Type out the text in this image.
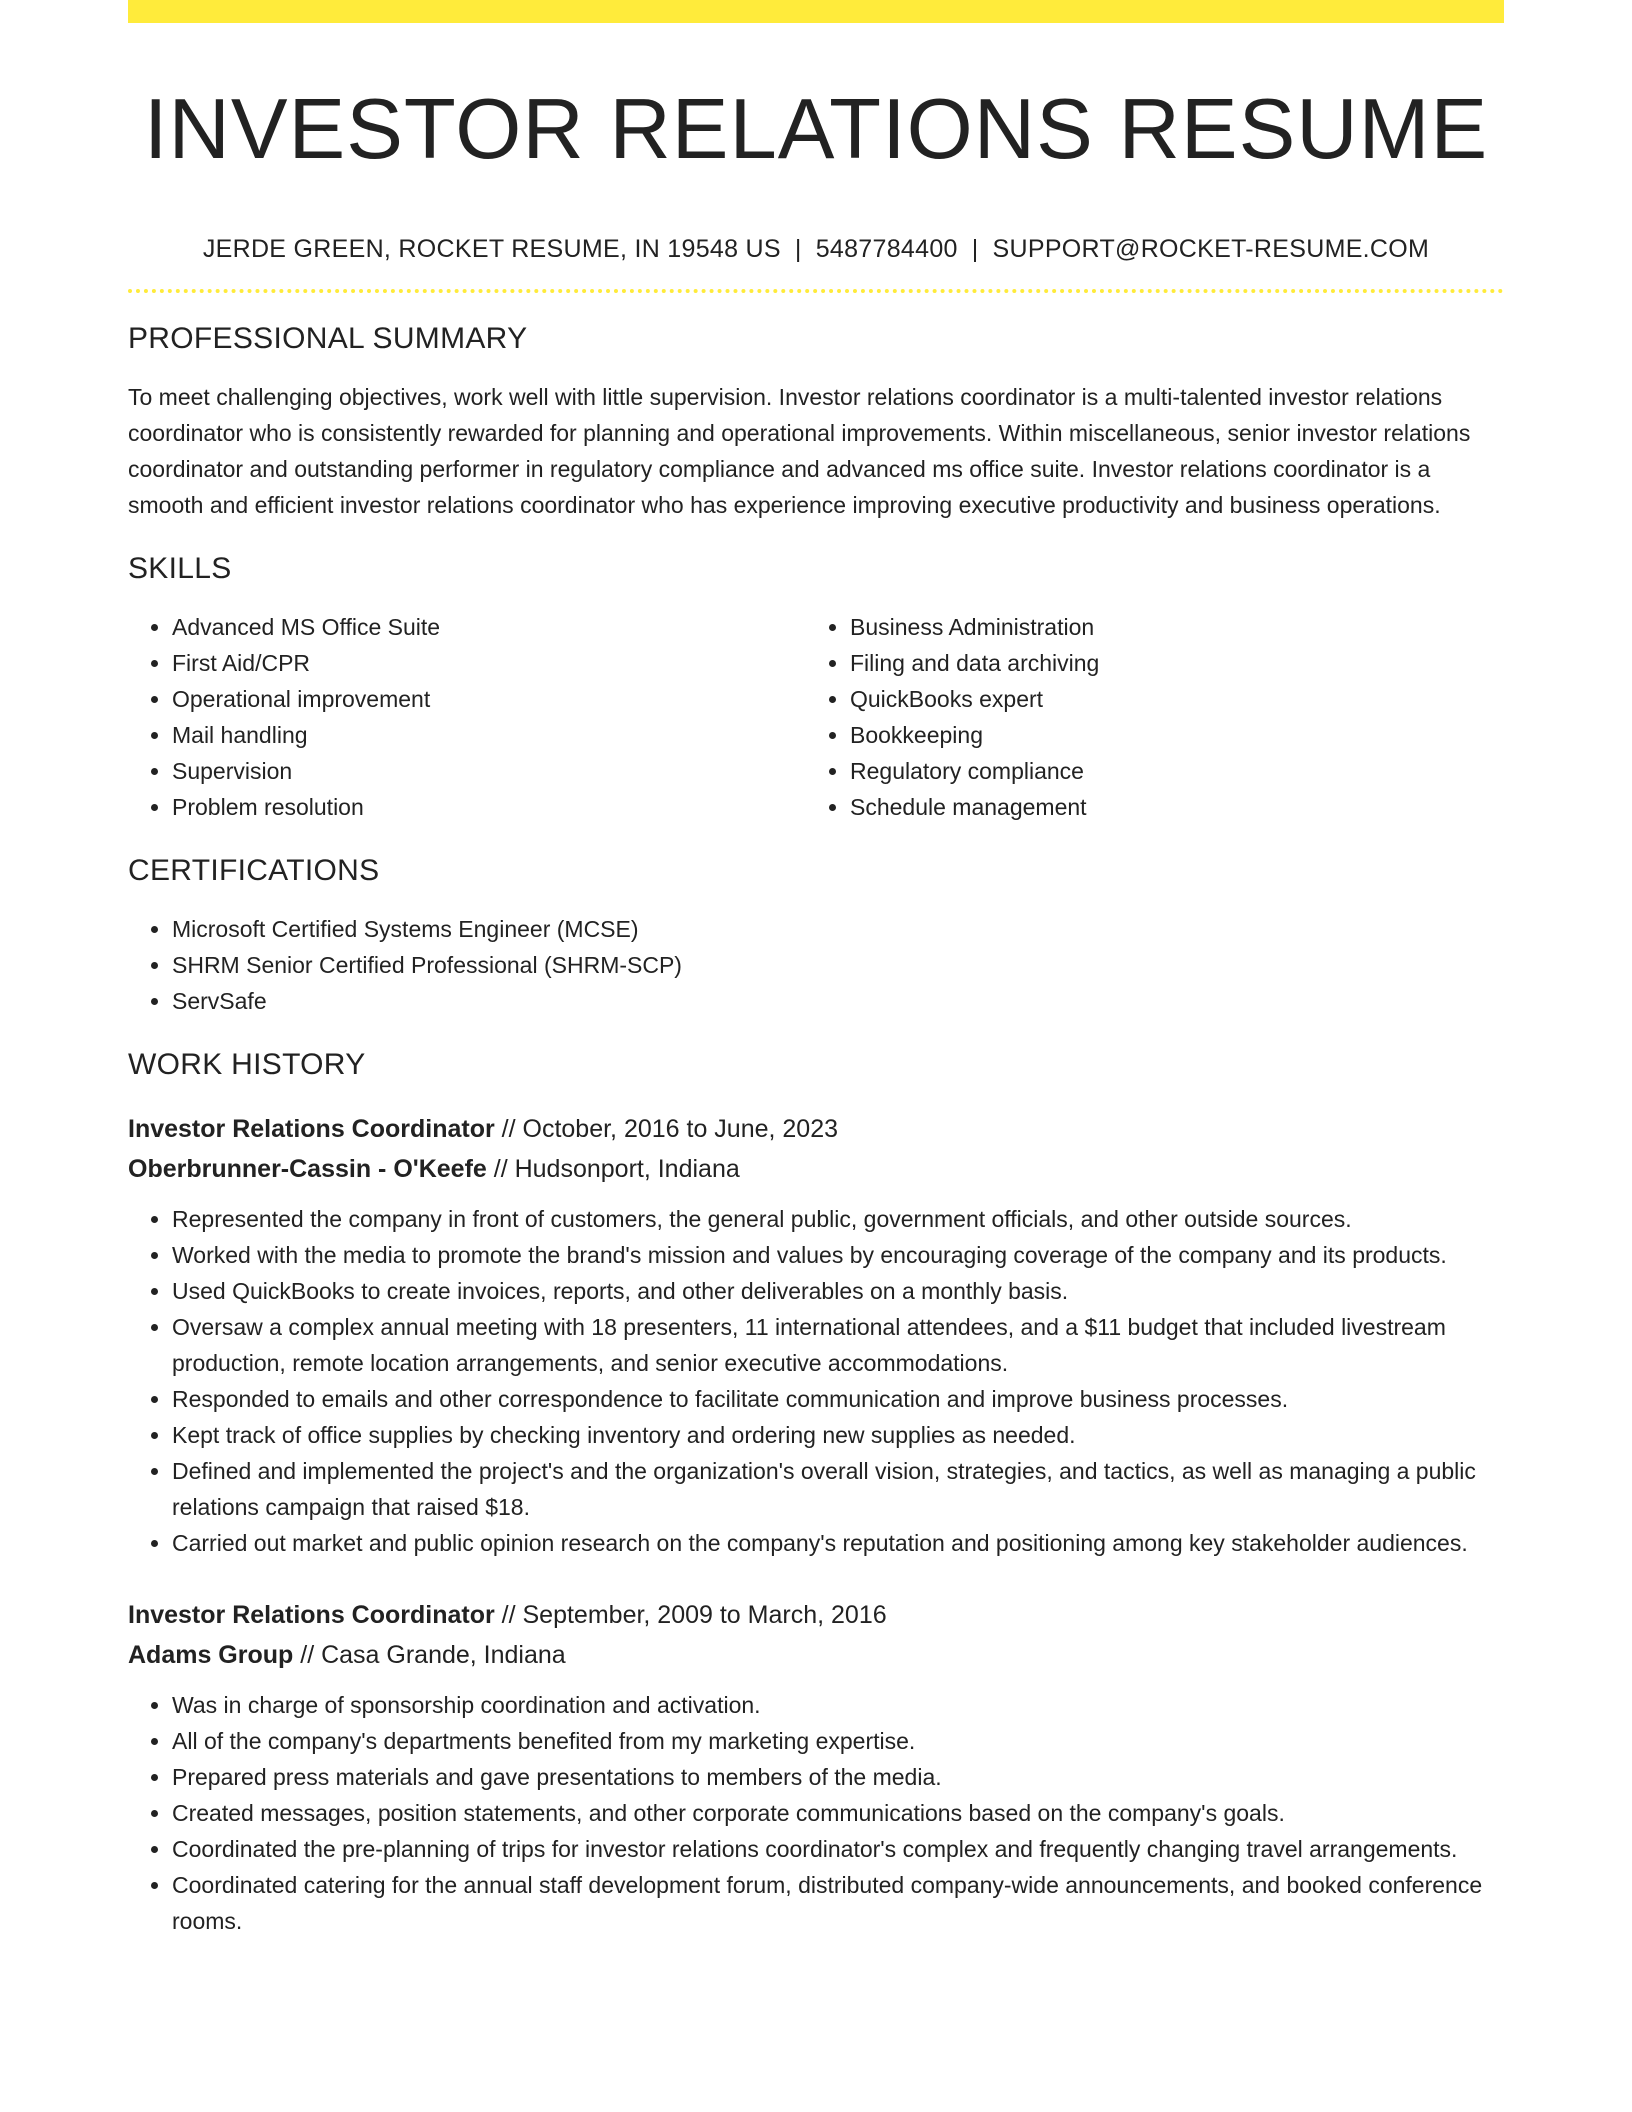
INVESTOR RELATIONS RESUME
JERDE GREEN, ROCKET RESUME, IN 19548 US | 5487784400 | SUPPORT@ROCKET-RESUME.COM
PROFESSIONAL SUMMARY

To meet challenging objectives, work well with little supervision. Investor relations coordinator is a multi-talented investor relations coordinator who is consistently rewarded for planning and operational improvements. Within miscellaneous, senior investor relations coordinator and outstanding performer in regulatory compliance and advanced ms office suite. Investor relations coordinator is a smooth and efficient investor relations coordinator who has experience improving executive productivity and business operations.

SKILLS
• Advanced MS Office Suite
• First Aid/CPR
• Operational improvement
• Mail handling
• Supervision
• Problem resolution
• Business Administration
• Filing and data archiving
• QuickBooks expert
• Bookkeeping
• Regulatory compliance
• Schedule management
CERTIFICATIONS
• Microsoft Certified Systems Engineer (MCSE)
• SHRM Senior Certified Professional (SHRM-SCP)
• ServSafe
WORK HISTORY
Investor Relations Coordinator // October, 2016 to June, 2023
Oberbrunner-Cassin - O'Keefe // Hudsonport, Indiana
• Represented the company in front of customers, the general public, government officials, and other outside sources.
• Worked with the media to promote the brand's mission and values by encouraging coverage of the company and its products.
• Used QuickBooks to create invoices, reports, and other deliverables on a monthly basis.
• Oversaw a complex annual meeting with 18 presenters, 11 international attendees, and a $11 budget that included livestream production, remote location arrangements, and senior executive accommodations.
• Responded to emails and other correspondence to facilitate communication and improve business processes.
• Kept track of office supplies by checking inventory and ordering new supplies as needed.
• Defined and implemented the project's and the organization's overall vision, strategies, and tactics, as well as managing a public relations campaign that raised $18.
• Carried out market and public opinion research on the company's reputation and positioning among key stakeholder audiences.
Investor Relations Coordinator // September, 2009 to March, 2016
Adams Group // Casa Grande, Indiana
• Was in charge of sponsorship coordination and activation.
• All of the company's departments benefited from my marketing expertise.
• Prepared press materials and gave presentations to members of the media.
• Created messages, position statements, and other corporate communications based on the company's goals.
• Coordinated the pre-planning of trips for investor relations coordinator's complex and frequently changing travel arrangements.
• Coordinated catering for the annual staff development forum, distributed company-wide announcements, and booked conference rooms.
